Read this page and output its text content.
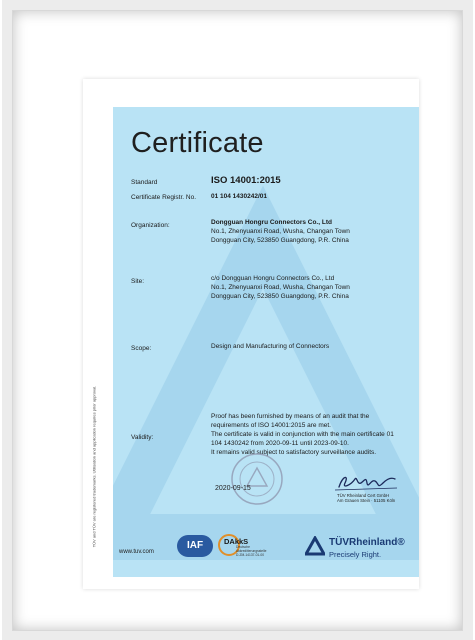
TÜV and TÜV are registered trademarks. Utilisation and application requires prior approval.
Certificate
Standard	ISO 14001:2015
Certificate Registr. No. 01 104 1430242/01
Organization:	Dongguan Hongru Connectors Co., Ltd
No.1, Zhenyuanxi Road, Wusha, Changan Town
Dongguan City, 523850 Guangdong, P.R. China
Site:	c/o Dongguan Hongru Connectors Co., Ltd
No.1, Zhenyuanxi Road, Wusha, Changan Town
Dongguan City, 523850 Guangdong, P.R. China
Scope:	Design and Manufacturing of Connectors
Validity:
Proof has been furnished by means of an audit that the
requirements of ISO 14001:2015 are met.
The certificate is valid in conjunction with the main certificate 01
104 1430242 from 2020-09-11 until 2023-09-10.
It remains valid subject to satisfactory surveillance audits.
2020-09-15
TÜV Rheinland Cert GmbH
Am Grauen Stein · 51105 Köln
www.tuv.com
IAF	DAkkS
Deutsche
Akkreditierungsstelle
D-ZM-14137-01-00
TÜVRheinland®
Precisely Right.
